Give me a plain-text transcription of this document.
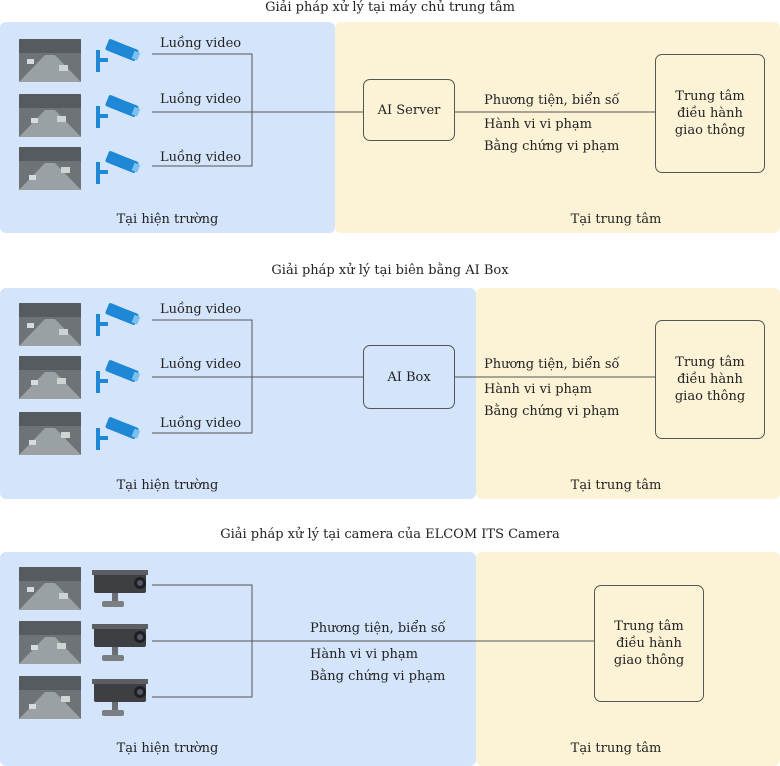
Giải pháp xử lý tại máy chủ trung tâm
Giải pháp xử lý tại biên bằng AI Box
Giải pháp xử lý tại camera của ELCOM ITS Camera
Luồng video
Luồng video
Luồng video
AI Server
Phương tiện, biển số
Hành vi vi phạm
Bằng chứng vi phạm
Trung tâm điều hành giao thông
Tại hiện trường	Tại trung tâm
Luồng video
Luồng video
Luồng video
AI Box
Phương tiện, biển số
Hành vi vi phạm
Bằng chứng vi phạm
Trung tâm điều hành giao thông
Tại hiện trường	Tại trung tâm
Phương tiện, biển số
Hành vi vi phạm
Bằng chứng vi phạm
Trung tâm điều hành giao thông
Tại hiện trường	Tại trung tâm
